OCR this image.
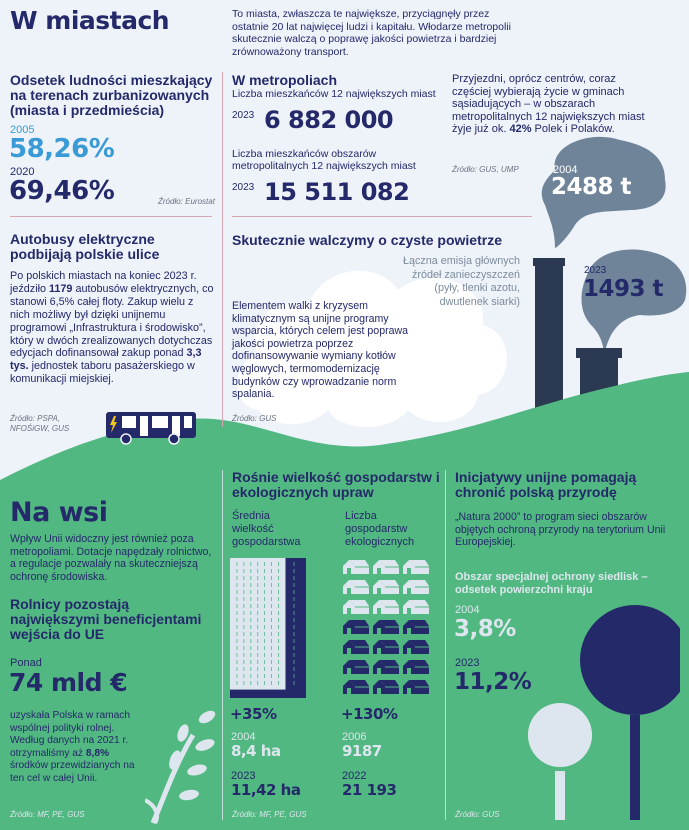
W miastach	To miasta, zwłaszcza te największe, przyciągnęły przez ostatnie 20 lat najwięcej ludzi i kapitału. Włodarze metropolii skutecznie walczą o poprawę jakości powietrza i bardziej zrównoważony transport.
Odsetek ludności mieszkający na terenach zurbanizowanych (miasta i przedmieścia)
2005
58,26%
2020
69,46%	Źródło: Eurostat
W metropoliach
Liczba mieszkańców 12 największych miast
2023 6 882 000
Liczba mieszkańców obszarów metropolitalnych 12 największych miast
2023 15 511 082
Przyjezdni, oprócz centrów, coraz częściej wybierają życie w gminach sąsiadujących – w obszarach metropolitalnych 12 największych miast żyje już ok. 42% Polek i Polaków.
Źródło: GUS, UMP	2004
2488 t
2023
1493 t
Autobusy elektryczne podbijają polskie ulice
Po polskich miastach na koniec 2023 r. jeździło 1179 autobusów elektrycznych, co stanowi 6,5% całej floty. Zakup wielu z nich możliwy był dzięki unijnemu programowi „Infrastruktura i środowisko”, który w dwóch zrealizowanych dotychczas edycjach dofinansował zakup ponad 3,3 tys. jednostek taboru pasażerskiego w komunikacji miejskiej.
Źródło: PSPA,
NFOŚiGW, GUS
Skutecznie walczymy o czyste powietrze
Łączna emisja głównych źródeł zanieczyszczeń (pyły, tlenki azotu, dwutlenek siarki)
Elementem walki z kryzysem klimatycznym są unijne programy wsparcia, których celem jest poprawa jakości powietrza poprzez dofinansowywanie wymiany kotłów węglowych, termomodernizację budynków czy wprowadzanie norm spalania.
Źródło: GUS
Na wsi
Wpływ Unii widoczny jest również poza metropoliami. Dotacje napędzały rolnictwo, a regulacje pozwalały na skuteczniejszą ochronę środowiska.
Rolnicy pozostają największymi beneficjentami wejścia do UE
Ponad
74 mld €
uzyskała Polska w ramach wspólnej polityki rolnej. Według danych na 2021 r. otrzymaliśmy aż 8,8% środków przewidzianych na ten cel w całej Unii.
Źródło: MF, PE, GUS
Rośnie wielkość gospodarstw i ekologicznych upraw
Średnia wielkość gospodarstwa
Liczba gospodarstw ekologicznych
+35%	+130%
2004
8,4 ha
2006
9187
2023
11,42 ha
2022
21 193
Źródło: MF, PE, GUS
Inicjatywy unijne pomagają chronić polską przyrodę
„Natura 2000” to program sieci obszarów objętych ochroną przyrody na terytorium Unii Europejskiej.
Obszar specjalnej ochrony siedlisk – odsetek powierzchni kraju
2004
3,8%
2023
11,2%
Źródło: GUS
